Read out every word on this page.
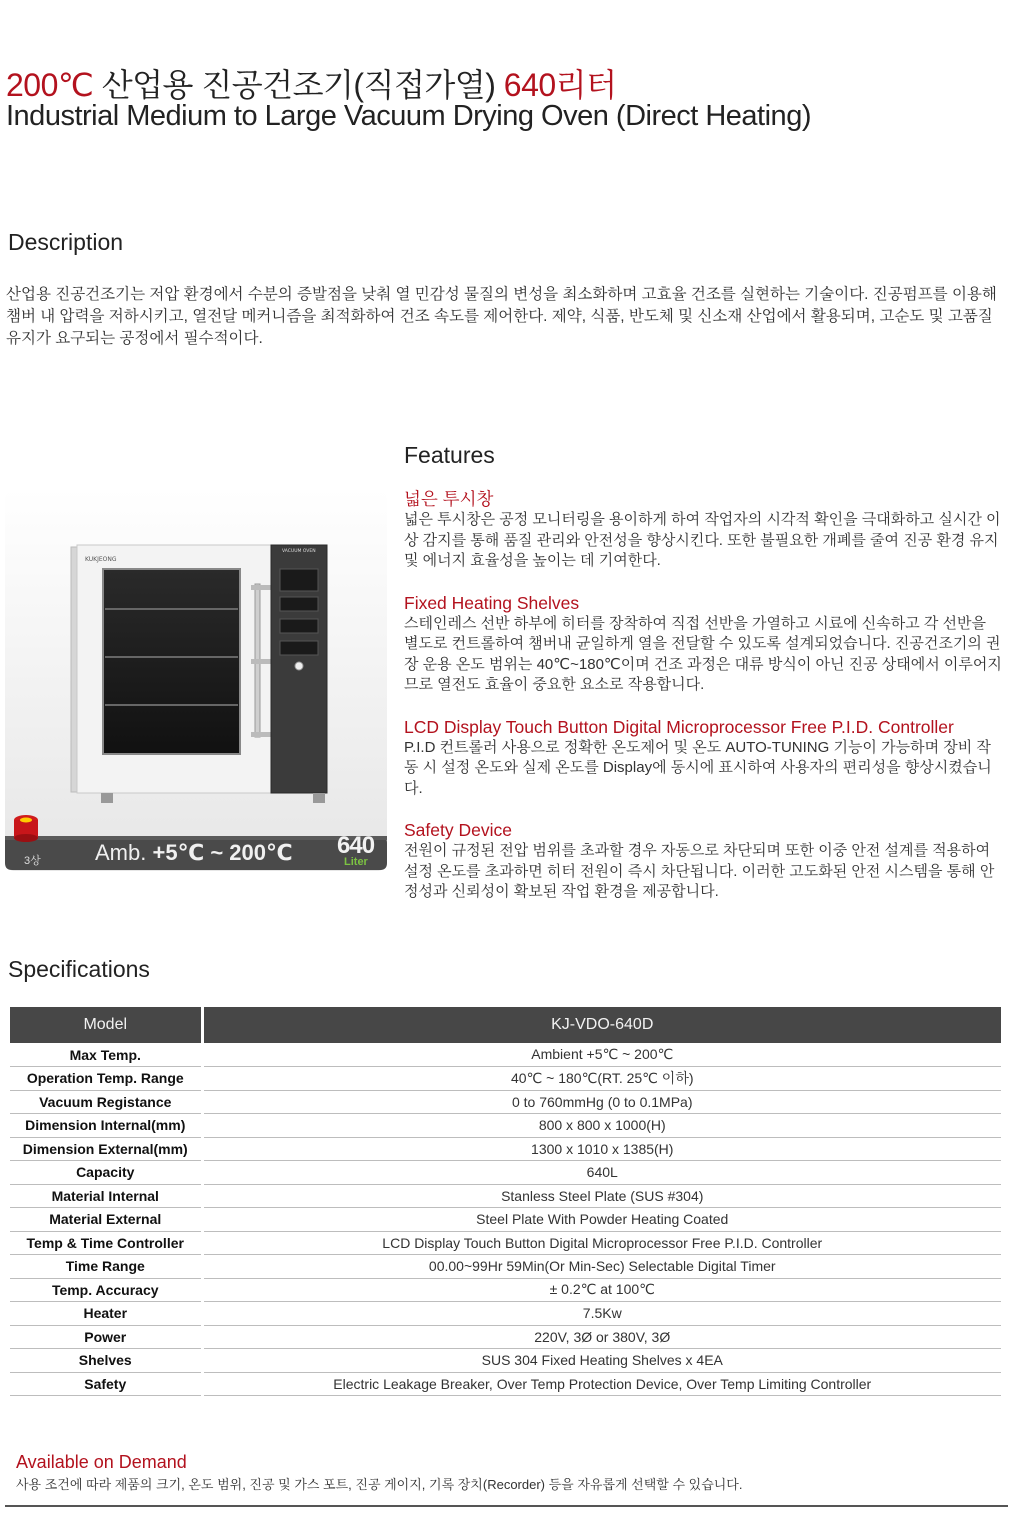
200℃ 산업용 진공건조기(직접가열) 640리터
Industrial Medium to Large Vacuum Drying Oven (Direct Heating)
Description
산업용 진공건조기는 저압 환경에서 수분의 증발점을 낮춰 열 민감성 물질의 변성을 최소화하며 고효율 건조를 실현하는 기술이다. 진공펌프를 이용해 챔버 내 압력을 저하시키고, 열전달 메커니즘을 최적화하여 건조 속도를 제어한다. 제약, 식품, 반도체 및 신소재 산업에서 활용되며, 고순도 및 고품질 유지가 요구되는 공정에서 필수적이다.
KUKJEONG
VACUUM OVEN
3상 Amb. +5℃ ~ 200℃ 640
Liter
Features
넓은 투시창

넓은 투시창은 공정 모니터링을 용이하게 하여 작업자의 시각적 확인을 극대화하고 실시간 이상 감지를 통해 품질 관리와 안전성을 향상시킨다. 또한 불필요한 개폐를 줄여 진공 환경 유지 및 에너지 효율성을 높이는 데 기여한다.

Fixed Heating Shelves

스테인레스 선반 하부에 히터를 장착하여 직접 선반을 가열하고 시료에 신속하고 각 선반을 별도로 컨트롤하여 챔버내 균일하게 열을 전달할 수 있도록 설계되었습니다. 진공건조기의 권장 운용 온도 범위는 40℃~180℃이며 건조 과정은 대류 방식이 아닌 진공 상태에서 이루어지므로 열전도 효율이 중요한 요소로 작용합니다.

LCD Display Touch Button Digital Microprocessor Free P.I.D. Controller

P.I.D 컨트롤러 사용으로 정확한 온도제어 및 온도 AUTO-TUNING 기능이 가능하며 장비 작동 시 설정 온도와 실제 온도를 Display에 동시에 표시하여 사용자의 편리성을 향상시켰습니다.

Safety Device

전원이 규정된 전압 범위를 초과할 경우 자동으로 차단되며 또한 이중 안전 설계를 적용하여 설정 온도를 초과하면 히터 전원이 즉시 차단됩니다. 이러한 고도화된 안전 시스템을 통해 안정성과 신뢰성이 확보된 작업 환경을 제공합니다.

Specifications
Model	KJ-VDO-640D
Max Temp.	Ambient +5℃ ~ 200℃
Operation Temp. Range	40℃ ~ 180℃(RT. 25℃ 이하)
Vacuum Registance	0 to 760mmHg (0 to 0.1MPa)
Dimension Internal(mm)	800 x 800 x 1000(H)
Dimension External(mm)	1300 x 1010 x 1385(H)
Capacity	640L
Material Internal	Stanless Steel Plate (SUS #304)
Material External	Steel Plate With Powder Heating Coated
Temp & Time Controller	LCD Display Touch Button Digital Microprocessor Free P.I.D. Controller
Time Range	00.00~99Hr 59Min(Or Min-Sec) Selectable Digital Timer
Temp. Accuracy	± 0.2℃ at 100℃
Heater	7.5Kw
Power	220V, 3Ø or 380V, 3Ø
Shelves	SUS 304 Fixed Heating Shelves x 4EA
Safety	Electric Leakage Breaker, Over Temp Protection Device, Over Temp Limiting Controller
Available on Demand
사용 조건에 따라 제품의 크기, 온도 범위, 진공 및 가스 포트, 진공 게이지, 기록 장치(Recorder) 등을 자유롭게 선택할 수 있습니다.
